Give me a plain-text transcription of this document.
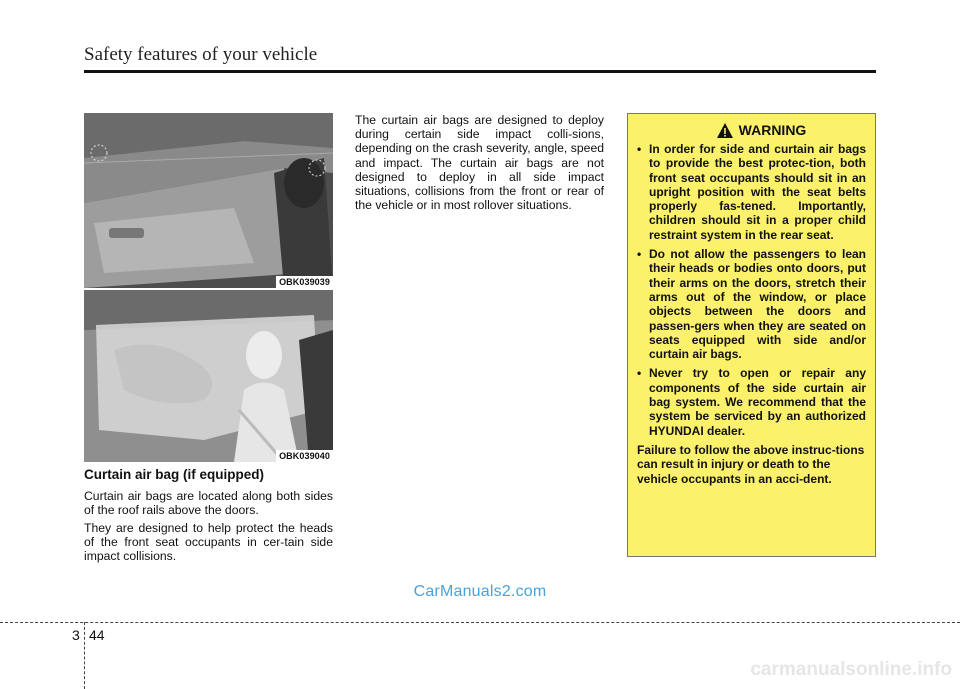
Safety features of your vehicle
OBK039039
OBK039040
Curtain air bag (if equipped)

Curtain air bags are located along both sides of the roof rails above the doors.

They are designed to help protect the heads of the front seat occupants in cer-tain side impact collisions.

The curtain air bags are designed to deploy during certain side impact colli-sions, depending on the crash severity, angle, speed and impact. The curtain air bags are not designed to deploy in all side impact situations, collisions from the front or rear of the vehicle or in most rollover situations.

WARNING
• In order for side and curtain air bags to provide the best protec-tion, both front seat occupants should sit in an upright position with the seat belts properly fas-tened. Importantly, children should sit in a proper child restraint system in the rear seat.
• Do not allow the passengers to lean their heads or bodies onto doors, put their arms on the doors, stretch their arms out of the window, or place objects between the doors and passen-gers when they are seated on seats equipped with side and/or curtain air bags.
• Never try to open or repair any components of the side curtain air bag system. We recommend that the system be serviced by an authorized HYUNDAI dealer.

Failure to follow the above instruc-tions can result in injury or death to the vehicle occupants in an acci-dent.

CarManuals2.com
3 44
carmanualsonline.info
